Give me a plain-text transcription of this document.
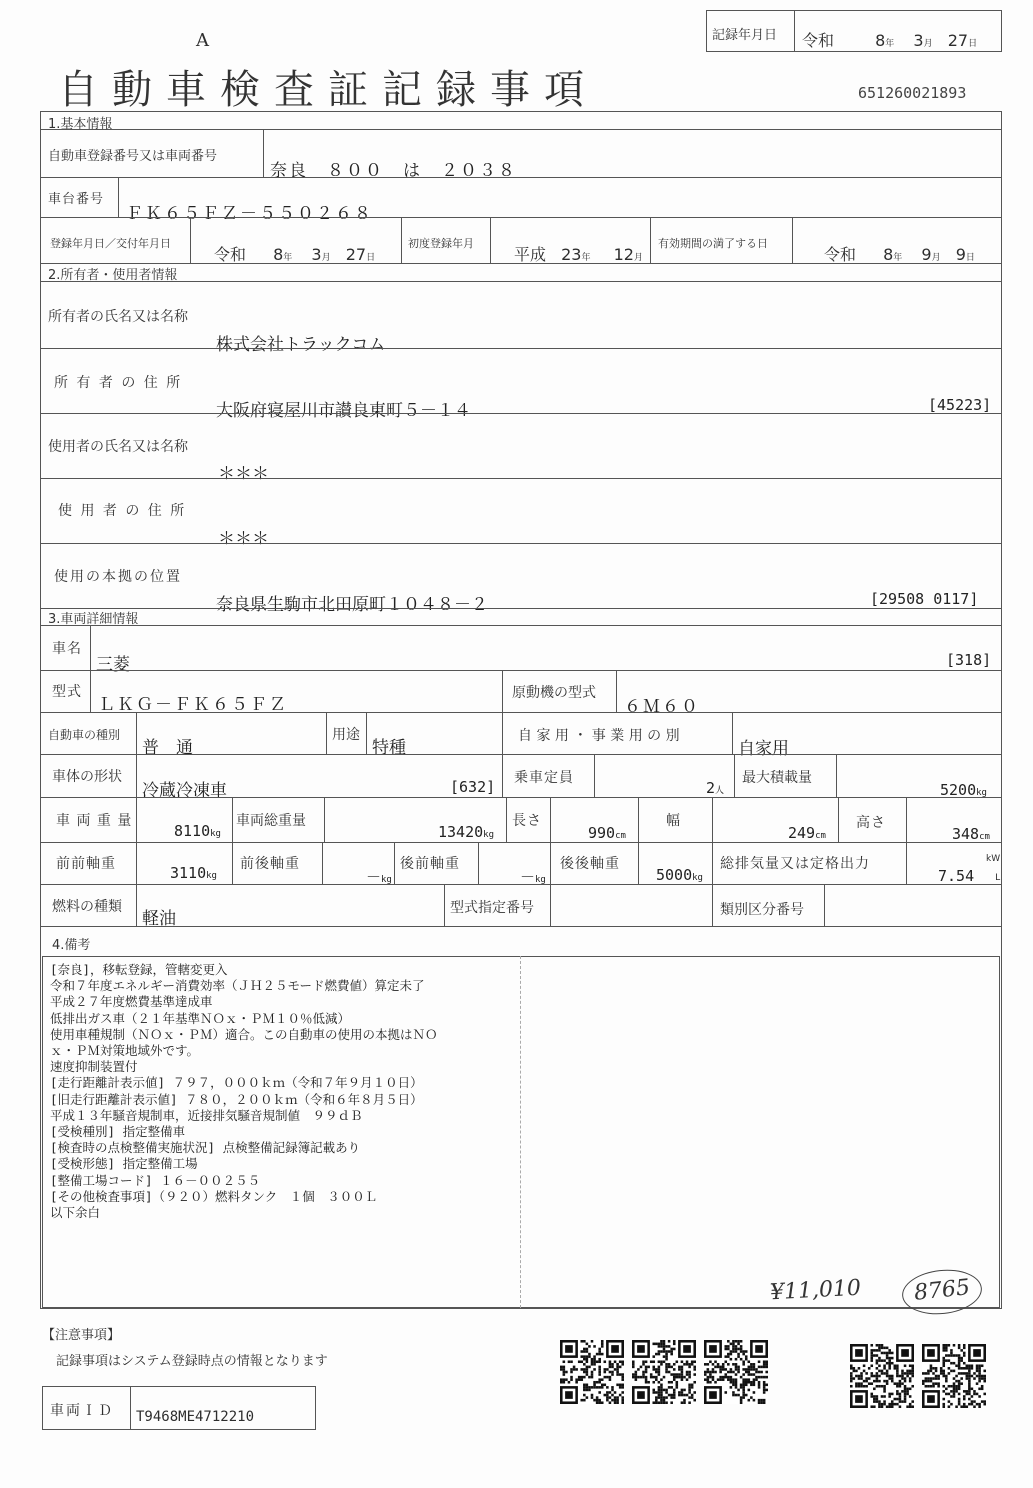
A
自動車検査証記録事項
記録年月日 令和	8年 3月 27日
651260021893
1.基本情報
自動車登録番号又は車両番号
奈良　８００　は　２０３８
車台番号
ＦＫ６５ＦＺ－５５０２６８
登録年月日／交付年月日
令和 8年 3月 27日
初度登録年月
平成 23年 12月
有効期間の満了する日
令和 8年 9月 9日
2.所有者・使用者情報
所有者の氏名又は名称
株式会社トラックコム
所 有 者 の 住 所
大阪府寝屋川市讃良東町５－１４	[45223]
使用者の氏名又は名称
＊＊＊
使 用 者 の 住 所
＊＊＊
使用の本拠の位置
奈良県生駒市北田原町１０４８－２	[29508 0117]
3.車両詳細情報
車名
三菱	[318]
型式
ＬＫＧ－ＦＫ６５ＦＺ
原動機の型式
６Ｍ６０
自動車の種別
普　通
用途
特種
自 家 用 ・ 事 業 用 の 別
自家用
車体の形状
冷蔵冷凍車	[632] 乗車定員
2人
最大積載量
5200kg
車 両 重 量
8110kg
車両総重量
13420kg
長さ
990cm
幅
249cm
高さ
348cm
前前軸重	3110kg
前後軸重
－kg
後前軸重
－kg
後後軸重
5000kg
総排気量又は定格出力
7.54
kW
L
燃料の種類
軽油
型式指定番号	類別区分番号
4.備考
[奈良]，移転登録，管轄変更入
令和７年度エネルギー消費効率（ＪＨ２５モード燃費値）算定未了
平成２７年度燃費基準達成車
低排出ガス車（２１年基準ＮＯｘ・ＰＭ１０％低減）
使用車種規制（ＮＯｘ・ＰＭ）適合。この自動車の使用の本拠はＮＯ
ｘ・ＰＭ対策地域外です。
速度抑制装置付
[走行距離計表示値] ７９７，０００ｋｍ（令和７年９月１０日）
[旧走行距離計表示値] ７８０，２００ｋｍ（令和６年８月５日）
平成１３年騒音規制車，近接排気騒音規制値　９９ｄＢ
[受検種別] 指定整備車
[検査時の点検整備実施状況] 点検整備記録簿記載あり
[受検形態] 指定整備工場
[整備工場コード] １６－００２５５
[その他検査事項]（９２０）燃料タンク　１個　３００Ｌ
以下余白
¥11,010 8765
【注意事項】
記録事項はシステム登録時点の情報となります
車両ＩＤ T9468ME4712210
